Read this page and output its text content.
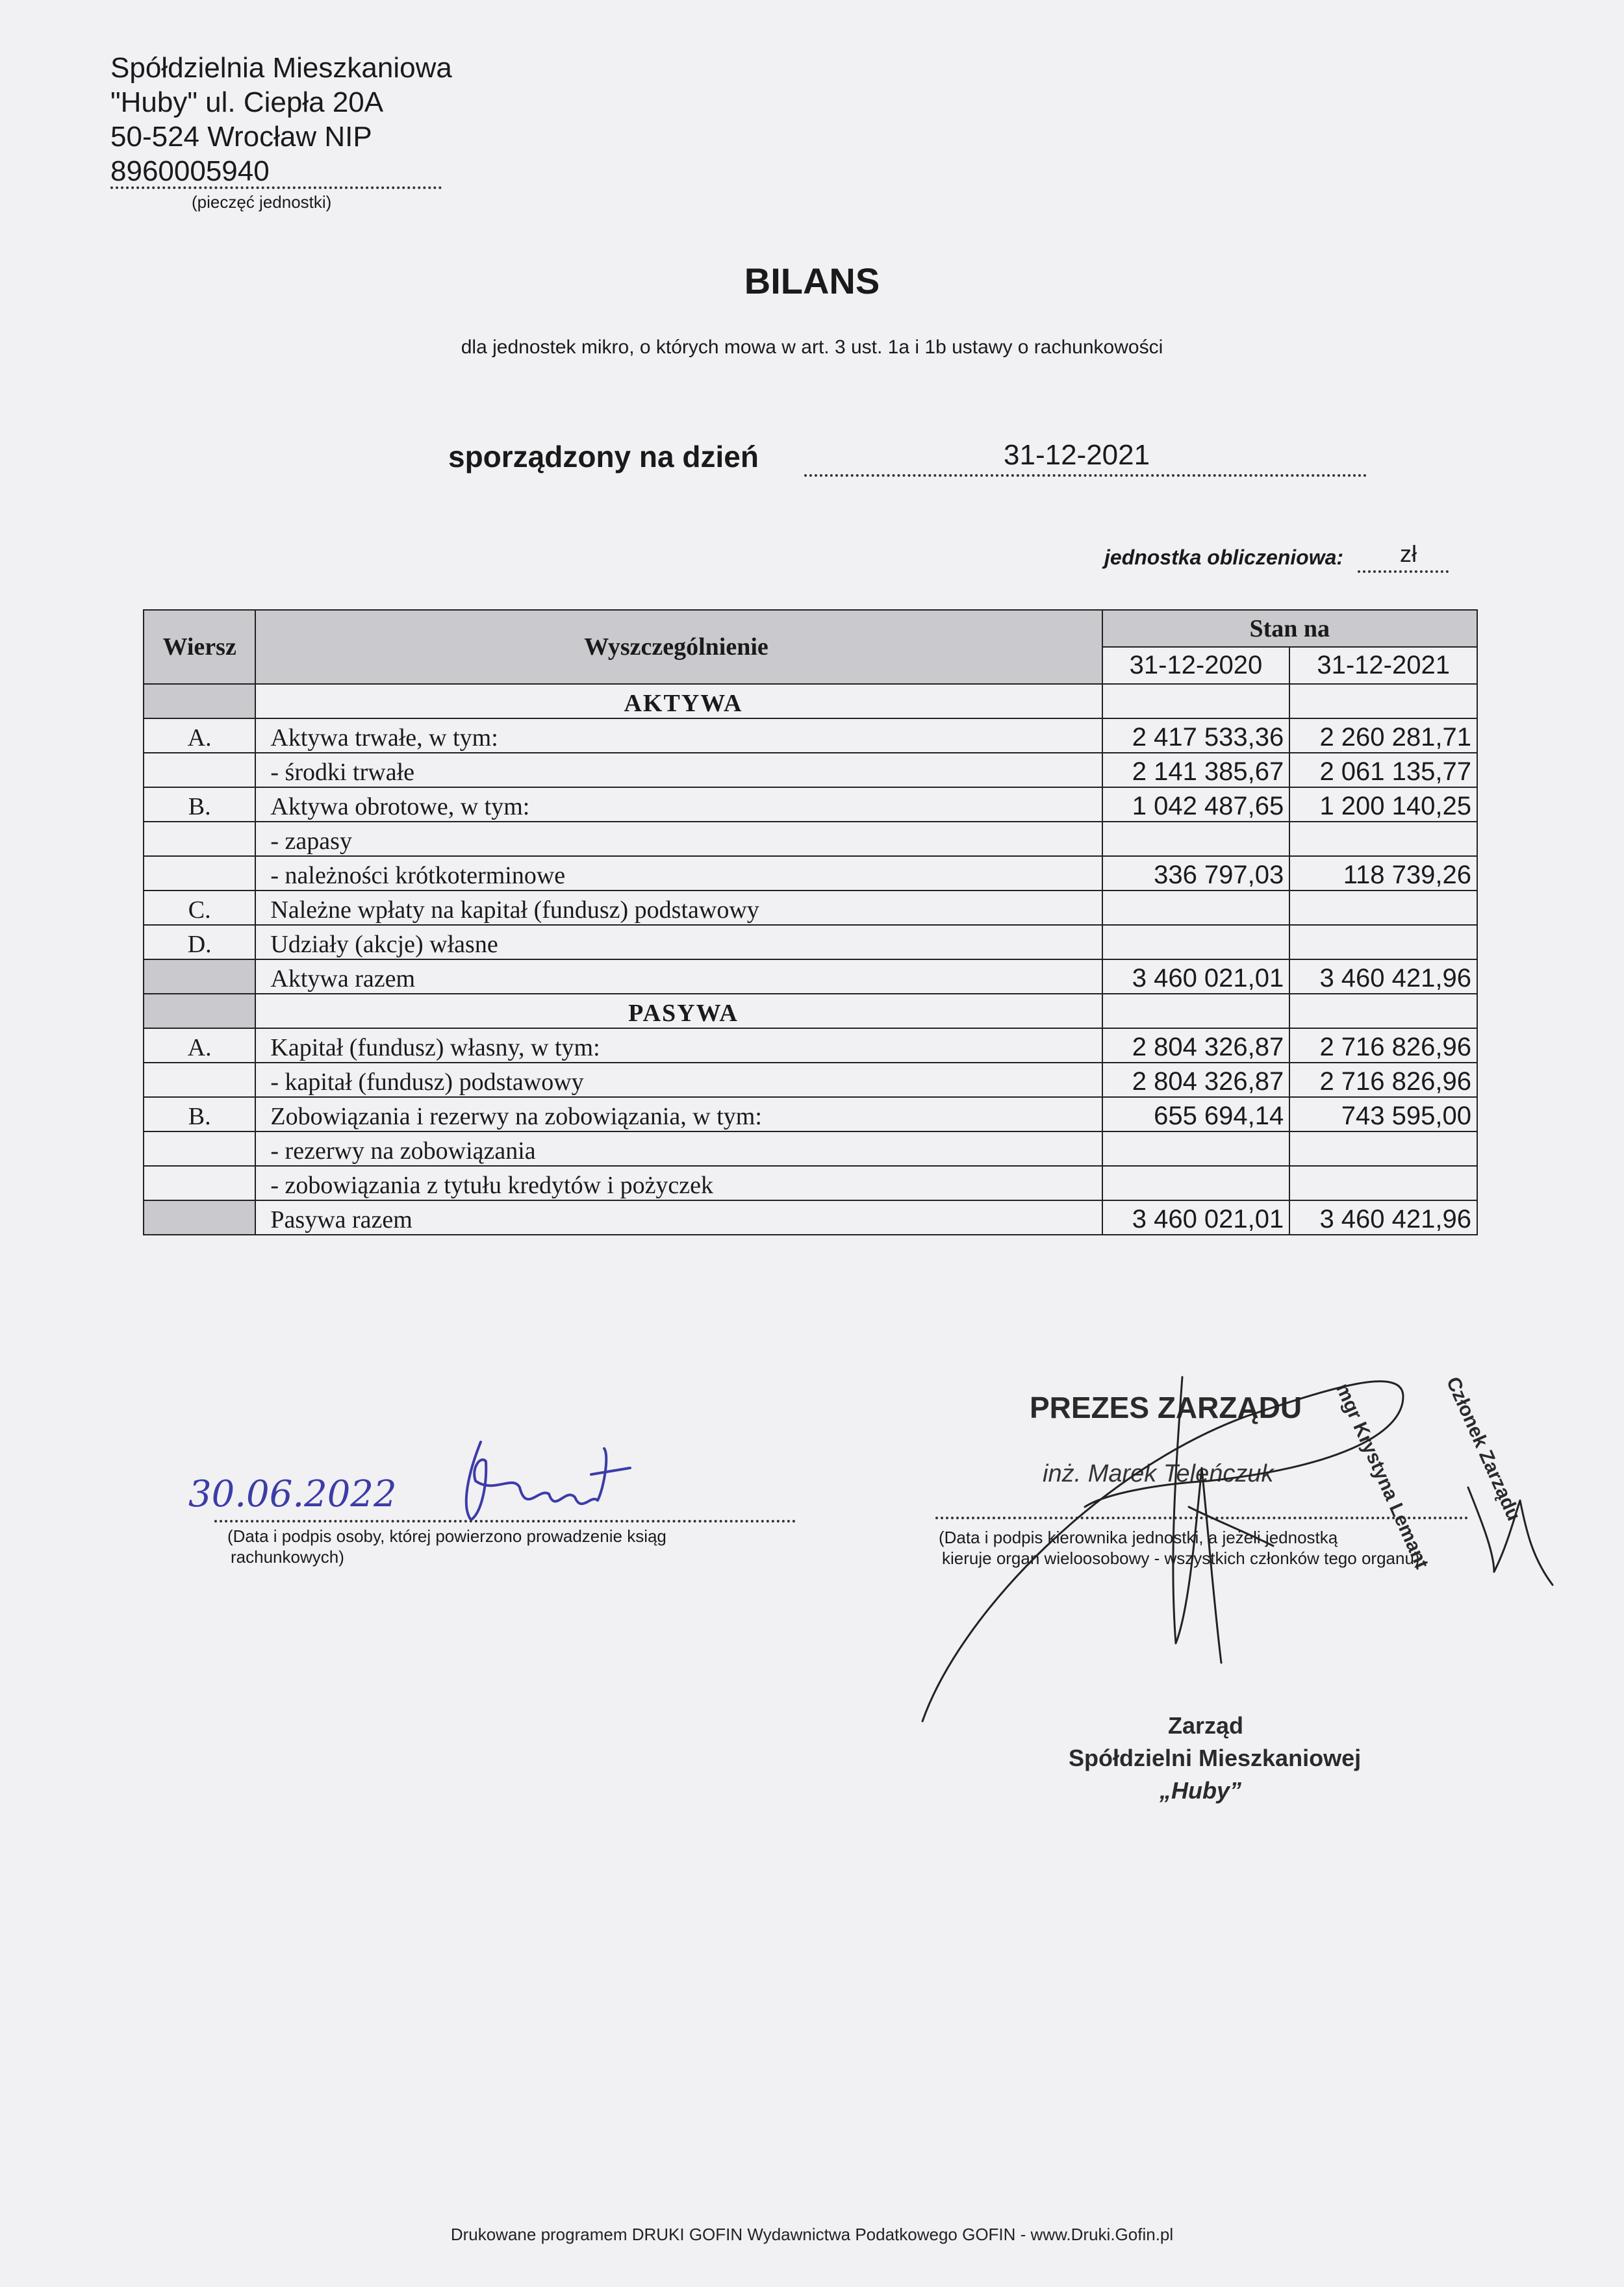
Spółdzielnia Mieszkaniowa
"Huby" ul. Ciepła 20A
50-524 Wrocław NIP
8960005940
(pieczęć jednostki)
BILANS
dla jednostek mikro, o których mowa w art. 3 ust. 1a i 1b ustawy o rachunkowości
sporządzony na dzień	31-12-2021
jednostka obliczeniowa: zł
Wiersz	Wyszczególnienie	Stan na	
		31-12-2020	31-12-2021
	AKTYWA		
A.	Aktywa trwałe, w tym:	2 417 533,36	2 260 281,71
	- środki trwałe	2 141 385,67	2 061 135,77
B.	Aktywa obrotowe, w tym:	1 042 487,65	1 200 140,25
	- zapasy		
	- należności krótkoterminowe	336 797,03	118 739,26
C.	Należne wpłaty na kapitał (fundusz) podstawowy		
D.	Udziały (akcje) własne		
	Aktywa razem	3 460 021,01	3 460 421,96
	PASYWA		
A.	Kapitał (fundusz) własny, w tym:	2 804 326,87	2 716 826,96
	- kapitał (fundusz) podstawowy	2 804 326,87	2 716 826,96
B.	Zobowiązania i rezerwy na zobowiązania, w tym:	655 694,14	743 595,00
	- rezerwy na zobowiązania		
	- zobowiązania z tytułu kredytów i pożyczek		
	Pasywa razem	3 460 021,01	3 460 421,96
30.06.2022
(Data i podpis osoby, której powierzono prowadzenie ksiąg
rachunkowych)
PREZES ZARZĄDU
inż. Marek Teleńczuk
(Data i podpis kierownika jednostki, a jeżeli jednostką
kieruje organ wieloosobowy - wszystkich członków tego organu)
mgr Krystyna Lemant Członek Zarządu
Zarząd
Spółdzielni Mieszkaniowej
„Huby”
Drukowane programem DRUKI GOFIN Wydawnictwa Podatkowego GOFIN - www.Druki.Gofin.pl
